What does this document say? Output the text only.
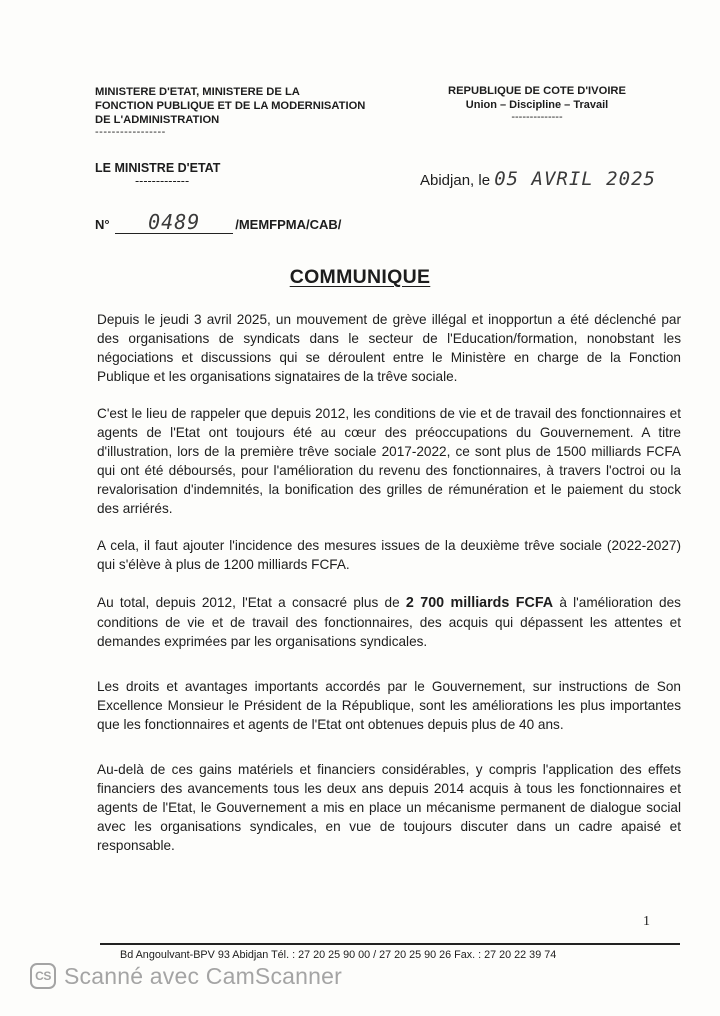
MINISTERE D'ETAT, MINISTERE DE LA
FONCTION PUBLIQUE ET DE LA MODERNISATION
DE L'ADMINISTRATION
-----------------
REPUBLIQUE DE COTE D'IVOIRE
Union – Discipline – Travail
--------------
LE MINISTRE D'ETAT
-------------	Abidjan, le 05 AVRIL 2025
N° 0489	/MEMFPMA/CAB/
COMMUNIQUE

Depuis le jeudi 3 avril 2025, un mouvement de grève illégal et inopportun a été déclenché par des organisations de syndicats dans le secteur de l'Education/formation, nonobstant les négociations et discussions qui se déroulent entre le Ministère en charge de la Fonction Publique et les organisations signataires de la trêve sociale.

C'est le lieu de rappeler que depuis 2012, les conditions de vie et de travail des fonctionnaires et agents de l'Etat ont toujours été au cœur des préoccupations du Gouvernement. A titre d'illustration, lors de la première trêve sociale 2017-2022, ce sont plus de 1500 milliards FCFA qui ont été déboursés, pour l'amélioration du revenu des fonctionnaires, à travers l'octroi ou la revalorisation d'indemnités, la bonification des grilles de rémunération et le paiement du stock des arriérés.

A cela, il faut ajouter l'incidence des mesures issues de la deuxième trêve sociale (2022-2027) qui s'élève à plus de 1200 milliards FCFA.

Au total, depuis 2012, l'Etat a consacré plus de 2 700 milliards FCFA à l'amélioration des conditions de vie et de travail des fonctionnaires, des acquis qui dépassent les attentes et demandes exprimées par les organisations syndicales.

Les droits et avantages importants accordés par le Gouvernement, sur instructions de Son Excellence Monsieur le Président de la République, sont les améliorations les plus importantes que les fonctionnaires et agents de l'Etat ont obtenues depuis plus de 40 ans.

Au-delà de ces gains matériels et financiers considérables, y compris l'application des effets financiers des avancements tous les deux ans depuis 2014 acquis à tous les fonctionnaires et agents de l'Etat, le Gouvernement a mis en place un mécanisme permanent de dialogue social avec les organisations syndicales, en vue de toujours discuter dans un cadre apaisé et responsable.

1
Bd Angoulvant-BPV 93 Abidjan Tél. : 27 20 25 90 00 / 27 20 25 90 26 Fax. : 27 20 22 39 74
CS Scanné avec CamScanner
